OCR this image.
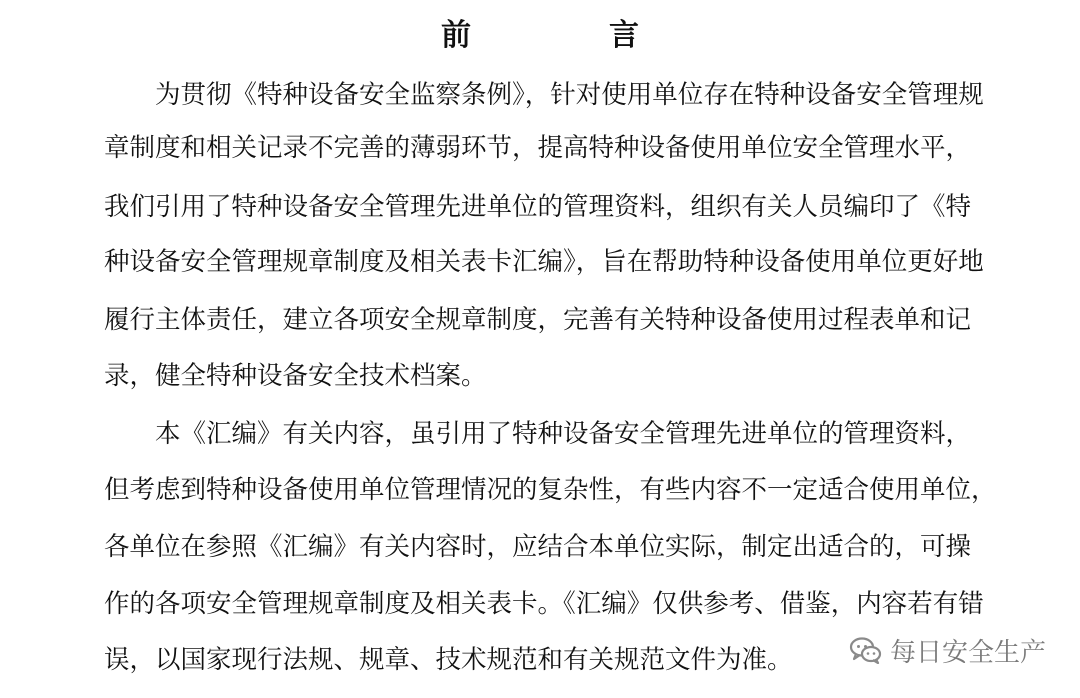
前　言
为贯彻《特种设备安全监察条例》，针对使用单位存在特种设备安全管理规
章制度和相关记录不完善的薄弱环节，提高特种设备使用单位安全管理水平，
我们引用了特种设备安全管理先进单位的管理资料，组织有关人员编印了《特
种设备安全管理规章制度及相关表卡汇编》，旨在帮助特种设备使用单位更好地
履行主体责任，建立各项安全规章制度，完善有关特种设备使用过程表单和记
录，健全特种设备安全技术档案。
本《汇编》有关内容，虽引用了特种设备安全管理先进单位的管理资料，
但考虑到特种设备使用单位管理情况的复杂性，有些内容不一定适合使用单位，
各单位在参照《汇编》有关内容时，应结合本单位实际，制定出适合的，可操
作的各项安全管理规章制度及相关表卡。《汇编》仅供参考、借鉴，内容若有错
误，以国家现行法规、规章、技术规范和有关规范文件为准。	每日安全生产
